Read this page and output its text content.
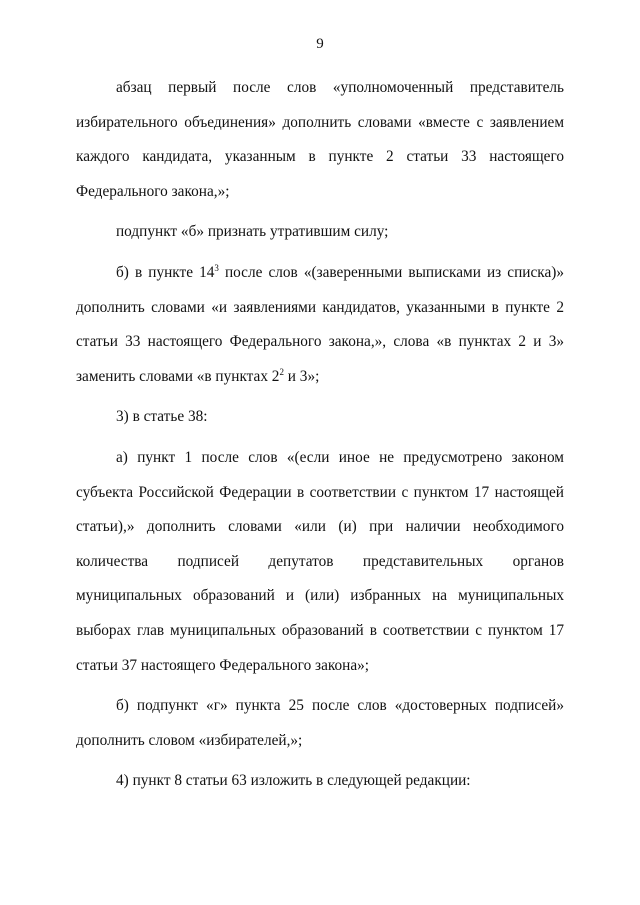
9
абзац первый после слов «уполномоченный представитель
избирательного объединения» дополнить словами «вместе с заявлением
каждого кандидата, указанным в пункте 2 статьи 33 настоящего
Федерального закона,»;
подпункт «б» признать утратившим силу;
б) в пункте $14^3$ после слов «(заверенными выписками из списка)»
дополнить словами «и заявлениями кандидатов, указанными в пункте 2
статьи 33 настоящего Федерального закона,», слова «в пунктах 2 и 3»
заменить словами «в пунктах $2^2$ и 3»;
3) в статье 38:
а) пункт 1 после слов «(если иное не предусмотрено законом
субъекта Российской Федерации в соответствии с пунктом 17 настоящей
статьи),» дополнить словами «или (и) при наличии необходимого
количества подписей депутатов представительных органов
муниципальных образований и (или) избранных на муниципальных
выборах глав муниципальных образований в соответствии с пунктом 17
статьи 37 настоящего Федерального закона»;
б) подпункт «г» пункта 25 после слов «достоверных подписей»
дополнить словом «избирателей,»;
4) пункт 8 статьи 63 изложить в следующей редакции:
